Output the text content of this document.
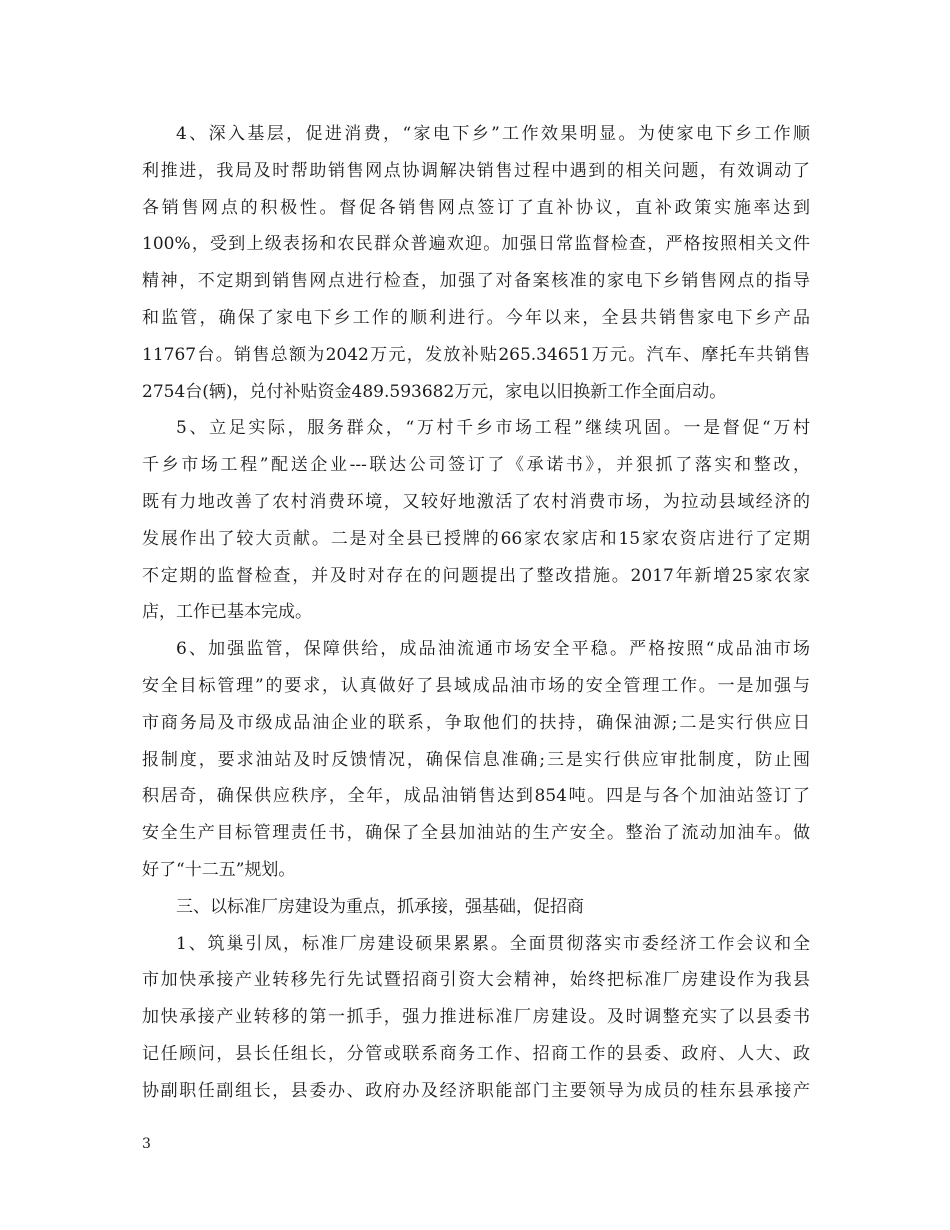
4、深入基层，促进消费，“家电下乡”工作效果明显。为使家电下乡工作顺
利推进，我局及时帮助销售网点协调解决销售过程中遇到的相关问题，有效调动了
各销售网点的积极性。督促各销售网点签订了直补协议，直补政策实施率达到
100%，受到上级表扬和农民群众普遍欢迎。加强日常监督检查，严格按照相关文件
精神，不定期到销售网点进行检查，加强了对备案核准的家电下乡销售网点的指导
和监管，确保了家电下乡工作的顺利进行。今年以来，全县共销售家电下乡产品
11767台。销售总额为2042万元，发放补贴265.34651万元。汽车、摩托车共销售
2754台(辆)，兑付补贴资金489.593682万元，家电以旧换新工作全面启动。
5、立足实际，服务群众，“万村千乡市场工程”继续巩固。一是督促“万村
千乡市场工程”配送企业---联达公司签订了《承诺书》，并狠抓了落实和整改，
既有力地改善了农村消费环境，又较好地激活了农村消费市场，为拉动县域经济的
发展作出了较大贡献。二是对全县已授牌的66家农家店和15家农资店进行了定期
不定期的监督检查，并及时对存在的问题提出了整改措施。2017年新增25家农家
店，工作已基本完成。
6、加强监管，保障供给，成品油流通市场安全平稳。严格按照“成品油市场
安全目标管理”的要求，认真做好了县域成品油市场的安全管理工作。一是加强与
市商务局及市级成品油企业的联系，争取他们的扶持，确保油源;二是实行供应日
报制度，要求油站及时反馈情况，确保信息准确;三是实行供应审批制度，防止囤
积居奇，确保供应秩序，全年，成品油销售达到854吨。四是与各个加油站签订了
安全生产目标管理责任书，确保了全县加油站的生产安全。整治了流动加油车。做
好了“十二五”规划。
三、以标准厂房建设为重点，抓承接，强基础，促招商
1、筑巢引凤，标准厂房建设硕果累累。全面贯彻落实市委经济工作会议和全
市加快承接产业转移先行先试暨招商引资大会精神，始终把标准厂房建设作为我县
加快承接产业转移的第一抓手，强力推进标准厂房建设。及时调整充实了以县委书
记任顾问，县长任组长，分管或联系商务工作、招商工作的县委、政府、人大、政
协副职任副组长，县委办、政府办及经济职能部门主要领导为成员的桂东县承接产
3
